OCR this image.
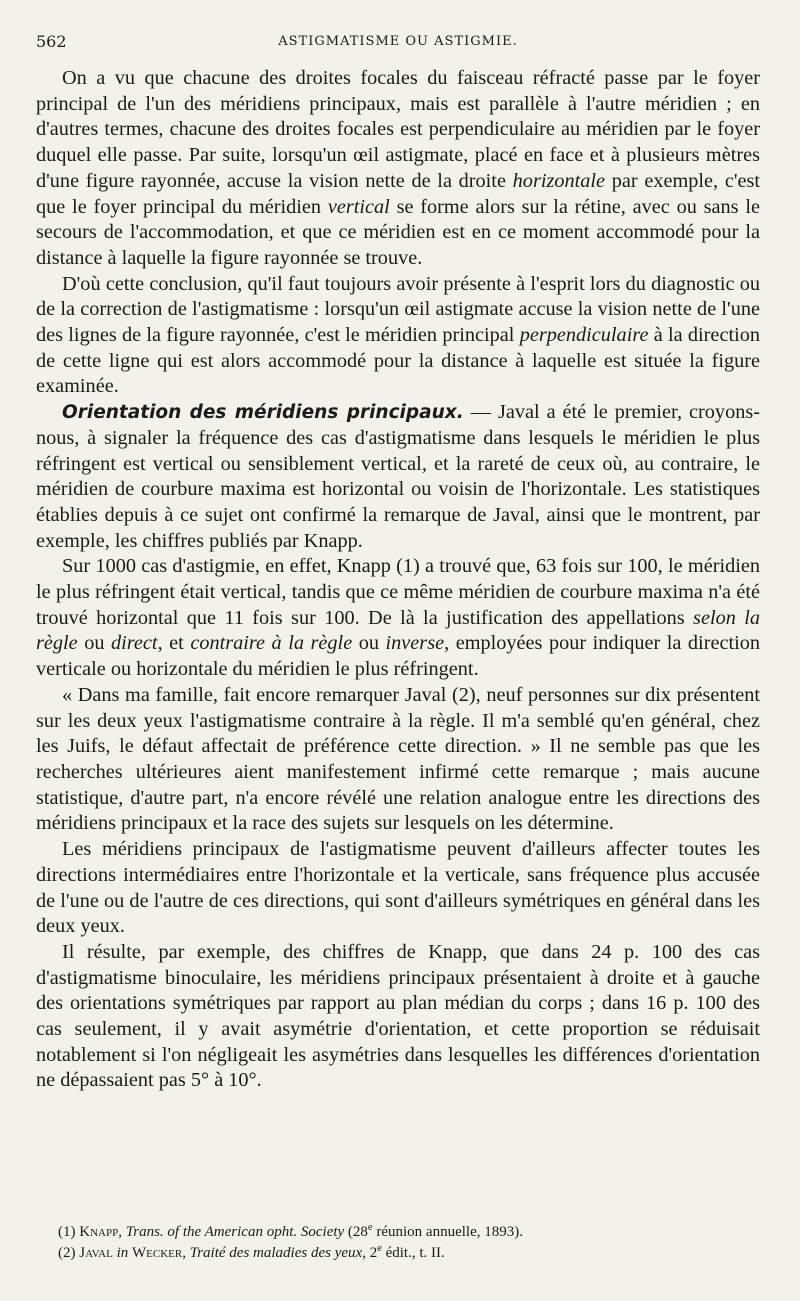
562	ASTIGMATISME OU ASTIGMIE.

On a vu que chacune des droites focales du faisceau réfracté passe par le foyer principal de l'un des méridiens principaux, mais est parallèle à l'autre méridien ; en d'autres termes, chacune des droites focales est perpendiculaire au méridien par le foyer duquel elle passe. Par suite, lorsqu'un œil astigmate, placé en face et à plusieurs mètres d'une figure rayonnée, accuse la vision nette de la droite horizontale par exemple, c'est que le foyer principal du méridien vertical se forme alors sur la rétine, avec ou sans le secours de l'accommodation, et que ce méridien est en ce moment accommodé pour la distance à laquelle la figure rayonnée se trouve.

D'où cette conclusion, qu'il faut toujours avoir présente à l'esprit lors du diagnostic ou de la correction de l'astigmatisme : lorsqu'un œil astigmate accuse la vision nette de l'une des lignes de la figure rayonnée, c'est le méridien principal perpendiculaire à la direction de cette ligne qui est alors accommodé pour la distance à laquelle est située la figure examinée.

Orientation des méridiens principaux. — Javal a été le premier, croyons-nous, à signaler la fréquence des cas d'astigmatisme dans lesquels le méridien le plus réfringent est vertical ou sensiblement vertical, et la rareté de ceux où, au contraire, le méridien de courbure maxima est horizontal ou voisin de l'horizontale. Les statistiques établies depuis à ce sujet ont confirmé la remarque de Javal, ainsi que le montrent, par exemple, les chiffres publiés par Knapp.

Sur 1000 cas d'astigmie, en effet, Knapp (1) a trouvé que, 63 fois sur 100, le méridien le plus réfringent était vertical, tandis que ce même méridien de courbure maxima n'a été trouvé horizontal que 11 fois sur 100. De là la justification des appellations selon la règle ou direct, et contraire à la règle ou inverse, employées pour indiquer la direction verticale ou horizontale du méridien le plus réfringent.

« Dans ma famille, fait encore remarquer Javal (2), neuf personnes sur dix présentent sur les deux yeux l'astigmatisme contraire à la règle. Il m'a semblé qu'en général, chez les Juifs, le défaut affectait de préférence cette direction. » Il ne semble pas que les recherches ultérieures aient manifestement infirmé cette remarque ; mais aucune statistique, d'autre part, n'a encore révélé une relation analogue entre les directions des méridiens principaux et la race des sujets sur lesquels on les détermine.

Les méridiens principaux de l'astigmatisme peuvent d'ailleurs affecter toutes les directions intermédiaires entre l'horizontale et la verticale, sans fréquence plus accusée de l'une ou de l'autre de ces directions, qui sont d'ailleurs symétriques en général dans les deux yeux.

Il résulte, par exemple, des chiffres de Knapp, que dans 24 p. 100 des cas d'astigmatisme binoculaire, les méridiens principaux présentaient à droite et à gauche des orientations symétriques par rapport au plan médian du corps ; dans 16 p. 100 des cas seulement, il y avait asymétrie d'orientation, et cette proportion se réduisait notablement si l'on négligeait les asymétries dans lesquelles les différences d'orientation ne dépassaient pas 5° à 10°.

(1) Knapp, Trans. of the American opht. Society (28e réunion annuelle, 1893).

(2) Javal in Wecker, Traité des maladies des yeux, 2e édit., t. II.
